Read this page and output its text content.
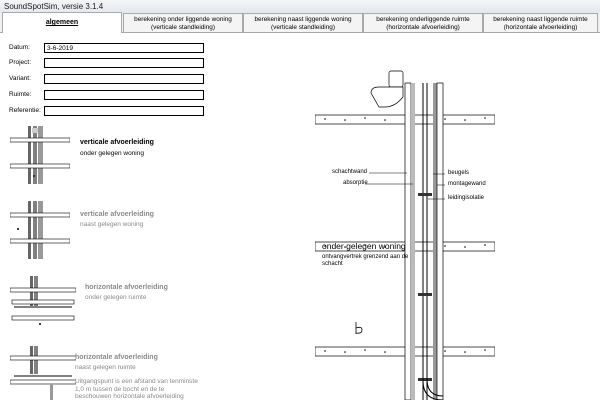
SoundSpotSim, versie 3.1.4
algemeen	berekening onder liggende woning
(verticale standleiding)
berekening naast liggende woning
(verticale standleiding)
berekening onderliggende ruimte
(horizontale afvoerleiding)
berekening naast liggende ruimte
(horizontale afvoerleiding)
Datum:
3-6-2019
Project:
Variant:
Ruimte:
Referentie:
verticale afvoerleiding
onder gelegen woning
verticale afvoerleiding
naast gelegen woning
horizontale afvoerleiding
onder gelegen ruimte
horizontale afvoerleiding
naast gelegen ruimte
Uitgangspunt is een afstand van tenminste 1,0 m tussen de bocht en de te beschouwen horizontale afvoerleiding
schachtwand
absorptie
beugels
montagewand
leidingisolatie
onder gelegen woning
ontvangvertrek grenzend aan de schacht
